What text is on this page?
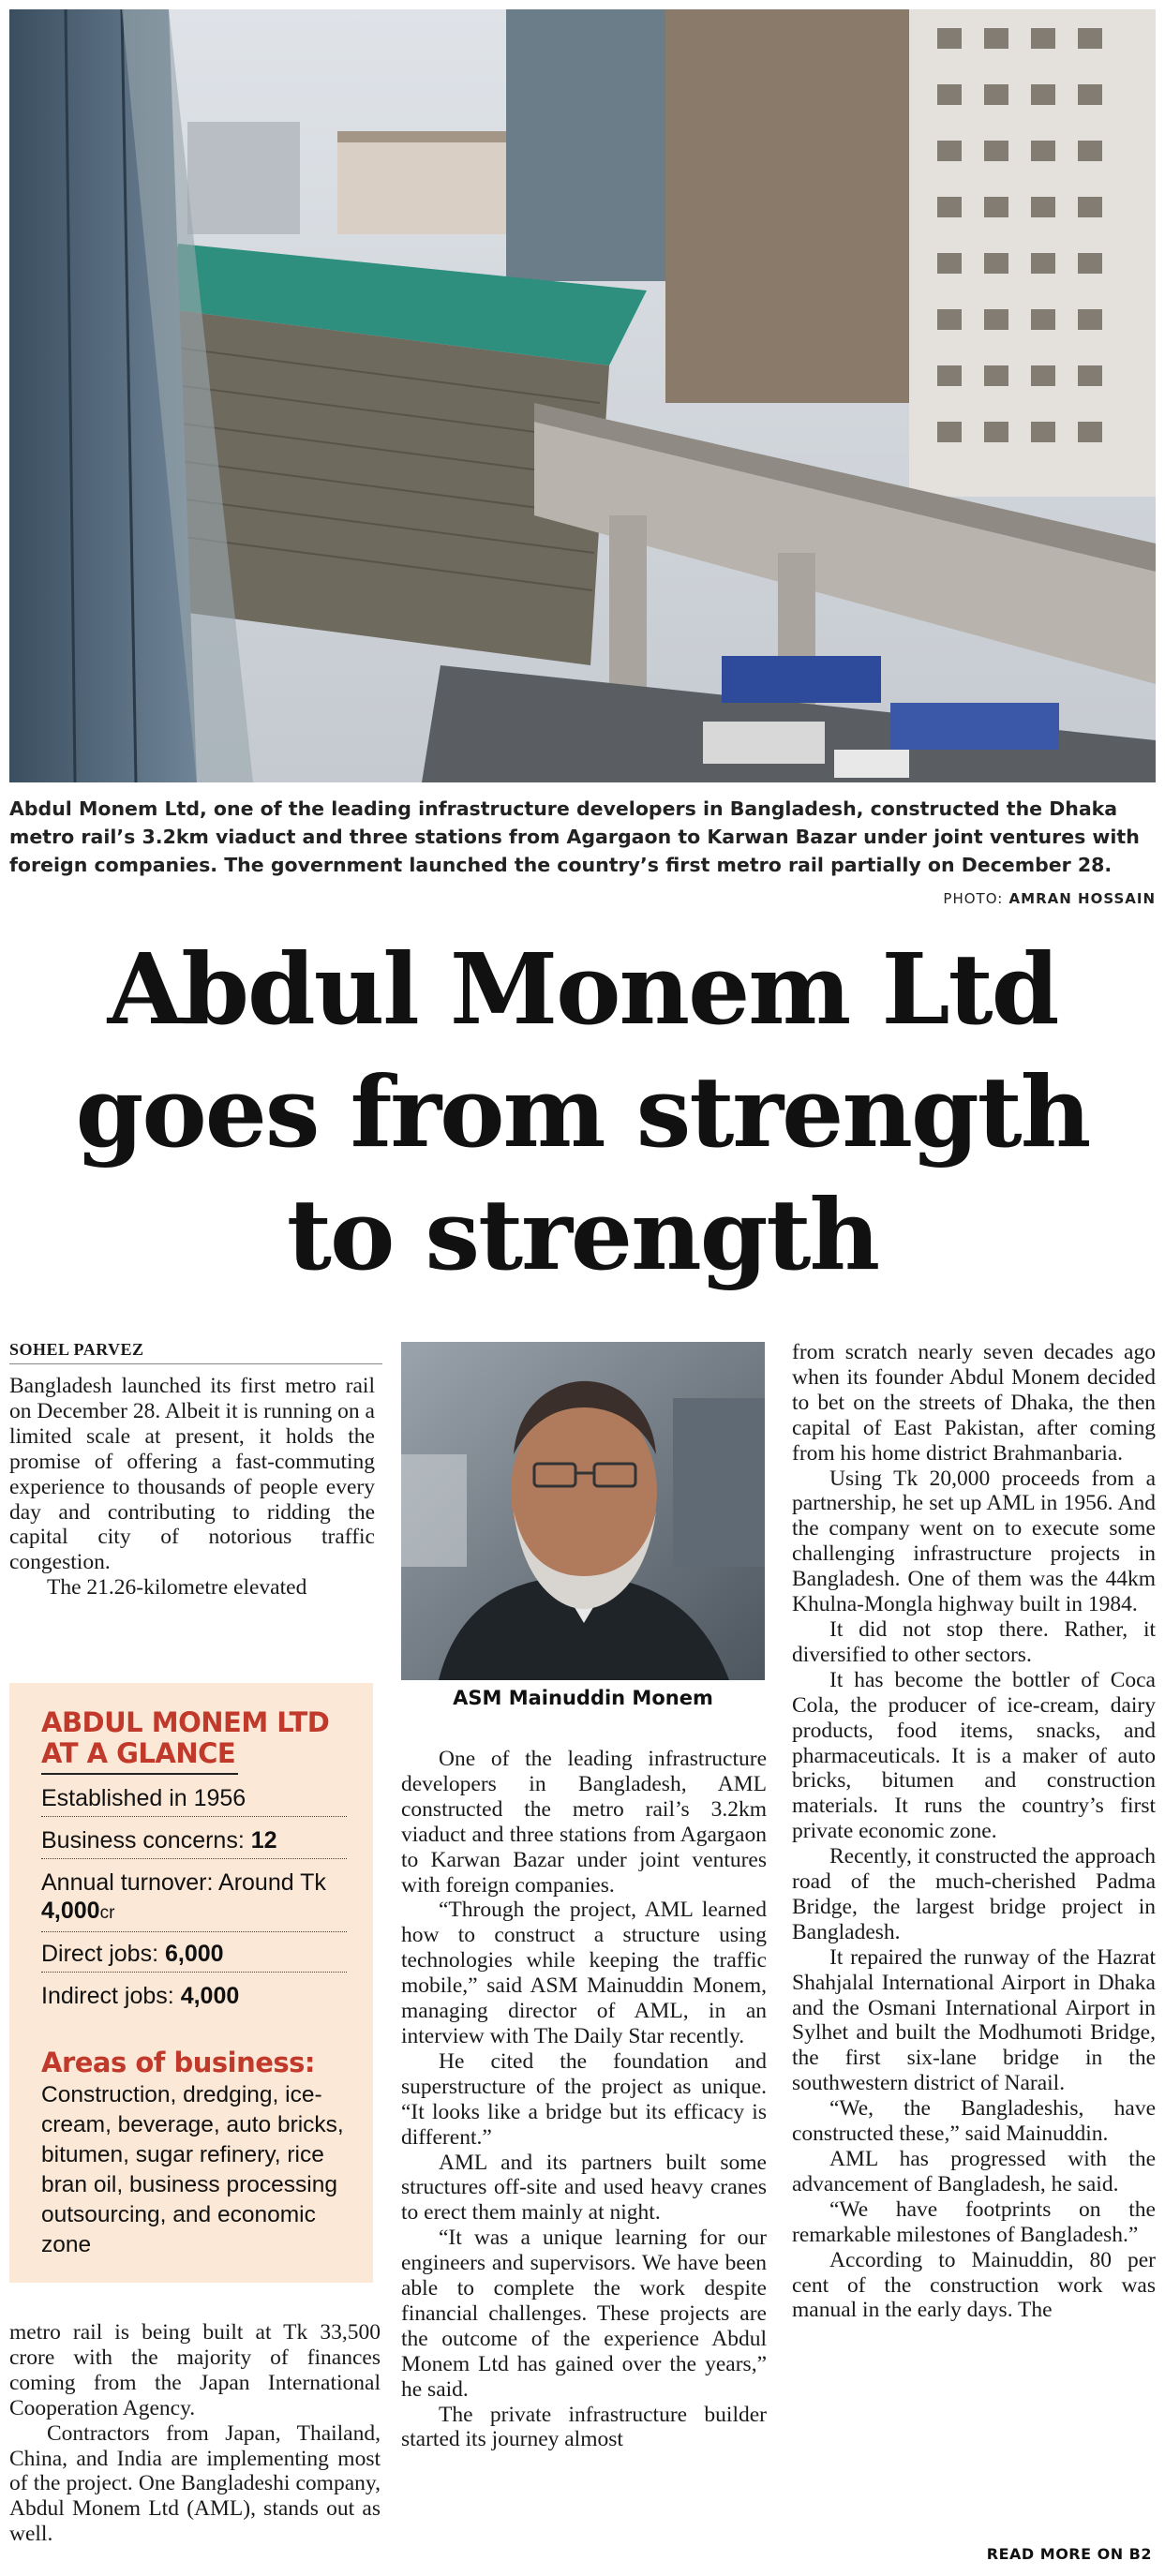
Abdul Monem Ltd, one of the leading infrastructure developers in Bangladesh, constructed the Dhaka metro rail’s 3.2km viaduct and three stations from Agargaon to Karwan Bazar under joint ventures with foreign companies. The government launched the country’s first metro rail partially on December 28.
PHOTO: AMRAN HOSSAIN
Abdul Monem Ltd
goes from strength
to strength
SOHEL PARVEZ

Bangladesh launched its first metro rail on December 28. Albeit it is running on a limited scale at present, it holds the promise of offering a fast-commuting experience to thousands of people every day and contributing to ridding the capital city of notorious traffic congestion.

The 21.26-kilometre elevated

ABDUL MONEM LTD
AT A GLANCE
Established in 1956
Business concerns: 12
Annual turnover: Around Tk
4,000cr
Direct jobs: 6,000
Indirect jobs: 4,000
Areas of business:
Construction, dredging, ice-cream, beverage, auto bricks, bitumen, sugar refinery, rice bran oil, business processing outsourcing, and economic zone

metro rail is being built at Tk 33,500 crore with the majority of finances coming from the Japan International Cooperation Agency.

Contractors from Japan, Thailand, China, and India are implementing most of the project. One Bangladeshi company, Abdul Monem Ltd (AML), stands out as well.

ASM Mainuddin Monem

One of the leading infrastructure developers in Bangladesh, AML constructed the metro rail’s 3.2km viaduct and three stations from Agargaon to Karwan Bazar under joint ventures with foreign companies.

“Through the project, AML learned how to construct a structure using technologies while keeping the traffic mobile,” said ASM Mainuddin Monem, managing director of AML, in an interview with The Daily Star recently.

He cited the foundation and superstructure of the project as unique. “It looks like a bridge but its efficacy is different.”

AML and its partners built some structures off-site and used heavy cranes to erect them mainly at night.

“It was a unique learning for our engineers and supervisors. We have been able to complete the work despite financial challenges. These projects are the outcome of the experience Abdul Monem Ltd has gained over the years,” he said.

The private infrastructure builder started its journey almost

from scratch nearly seven decades ago when its founder Abdul Monem decided to bet on the streets of Dhaka, the then capital of East Pakistan, after coming from his home district Brahmanbaria.

Using Tk 20,000 proceeds from a partnership, he set up AML in 1956. And the company went on to execute some challenging infrastructure projects in Bangladesh. One of them was the 44km Khulna-Mongla highway built in 1984.

It did not stop there. Rather, it diversified to other sectors.

It has become the bottler of Coca Cola, the producer of ice-cream, dairy products, food items, snacks, and pharmaceuticals. It is a maker of auto bricks, bitumen and construction materials. It runs the country’s first private economic zone.

Recently, it constructed the approach road of the much-cherished Padma Bridge, the largest bridge project in Bangladesh.

It repaired the runway of the Hazrat Shahjalal International Airport in Dhaka and the Osmani International Airport in Sylhet and built the Modhumoti Bridge, the first six-lane bridge in the southwestern district of Narail.

“We, the Bangladeshis, have constructed these,” said Mainuddin.

AML has progressed with the advancement of Bangladesh, he said.

“We have footprints on the remarkable milestones of Bangladesh.”

According to Mainuddin, 80 per cent of the construction work was manual in the early days. The

READ MORE ON B2
